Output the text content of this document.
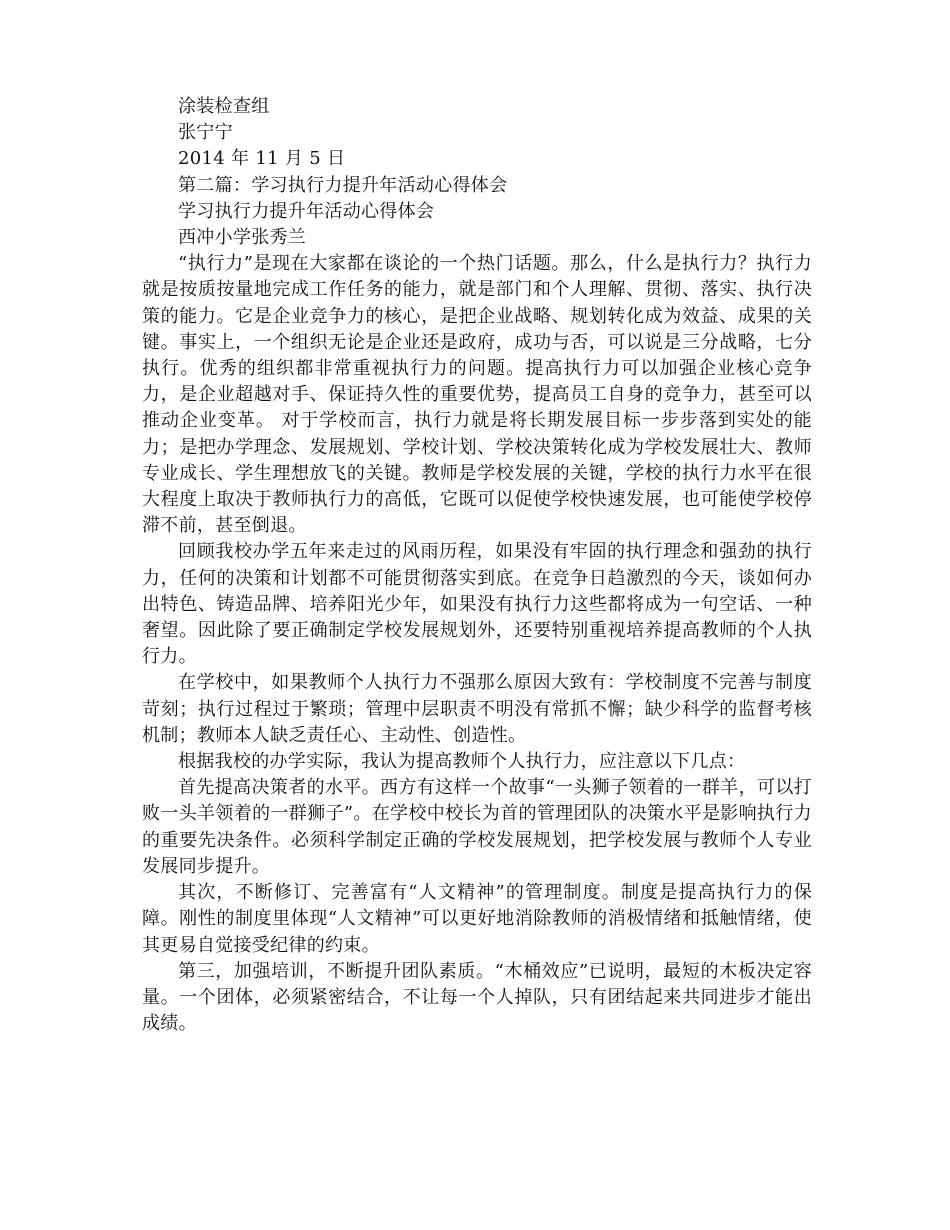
涂装检查组
张宁宁
2014 年 11 月 5 日
第二篇：学习执行力提升年活动心得体会
学习执行力提升年活动心得体会
西冲小学张秀兰

“执行力”是现在大家都在谈论的一个热门话题。那么，什么是执行力？执行力就是按质按量地完成工作任务的能力，就是部门和个人理解、贯彻、落实、执行决策的能力。它是企业竞争力的核心，是把企业战略、规划转化成为效益、成果的关键。事实上，一个组织无论是企业还是政府，成功与否，可以说是三分战略，七分执行。优秀的组织都非常重视执行力的问题。提高执行力可以加强企业核心竞争力，是企业超越对手、保证持久性的重要优势，提高员工自身的竞争力，甚至可以推动企业变革。 对于学校而言，执行力就是将长期发展目标一步步落到实处的能力；是把办学理念、发展规划、学校计划、学校决策转化成为学校发展壮大、教师专业成长、学生理想放飞的关键。教师是学校发展的关键，学校的执行力水平在很大程度上取决于教师执行力的高低，它既可以促使学校快速发展，也可能使学校停滞不前，甚至倒退。

回顾我校办学五年来走过的风雨历程，如果没有牢固的执行理念和强劲的执行力，任何的决策和计划都不可能贯彻落实到底。在竞争日趋激烈的今天，谈如何办出特色、铸造品牌、培养阳光少年，如果没有执行力这些都将成为一句空话、一种奢望。因此除了要正确制定学校发展规划外，还要特别重视培养提高教师的个人执行力。

在学校中，如果教师个人执行力不强那么原因大致有：学校制度不完善与制度苛刻；执行过程过于繁琐；管理中层职责不明没有常抓不懈；缺少科学的监督考核机制；教师本人缺乏责任心、主动性、创造性。

根据我校的办学实际，我认为提高教师个人执行力，应注意以下几点：

首先提高决策者的水平。西方有这样一个故事“一头狮子领着的一群羊，可以打败一头羊领着的一群狮子”。在学校中校长为首的管理团队的决策水平是影响执行力的重要先决条件。必须科学制定正确的学校发展规划，把学校发展与教师个人专业发展同步提升。

其次，不断修订、完善富有“人文精神”的管理制度。制度是提高执行力的保障。刚性的制度里体现“人文精神”可以更好地消除教师的消极情绪和抵触情绪，使其更易自觉接受纪律的约束。

第三，加强培训，不断提升团队素质。“木桶效应”已说明，最短的木板决定容量。一个团体，必须紧密结合，不让每一个人掉队，只有团结起来共同进步才能出成绩。
